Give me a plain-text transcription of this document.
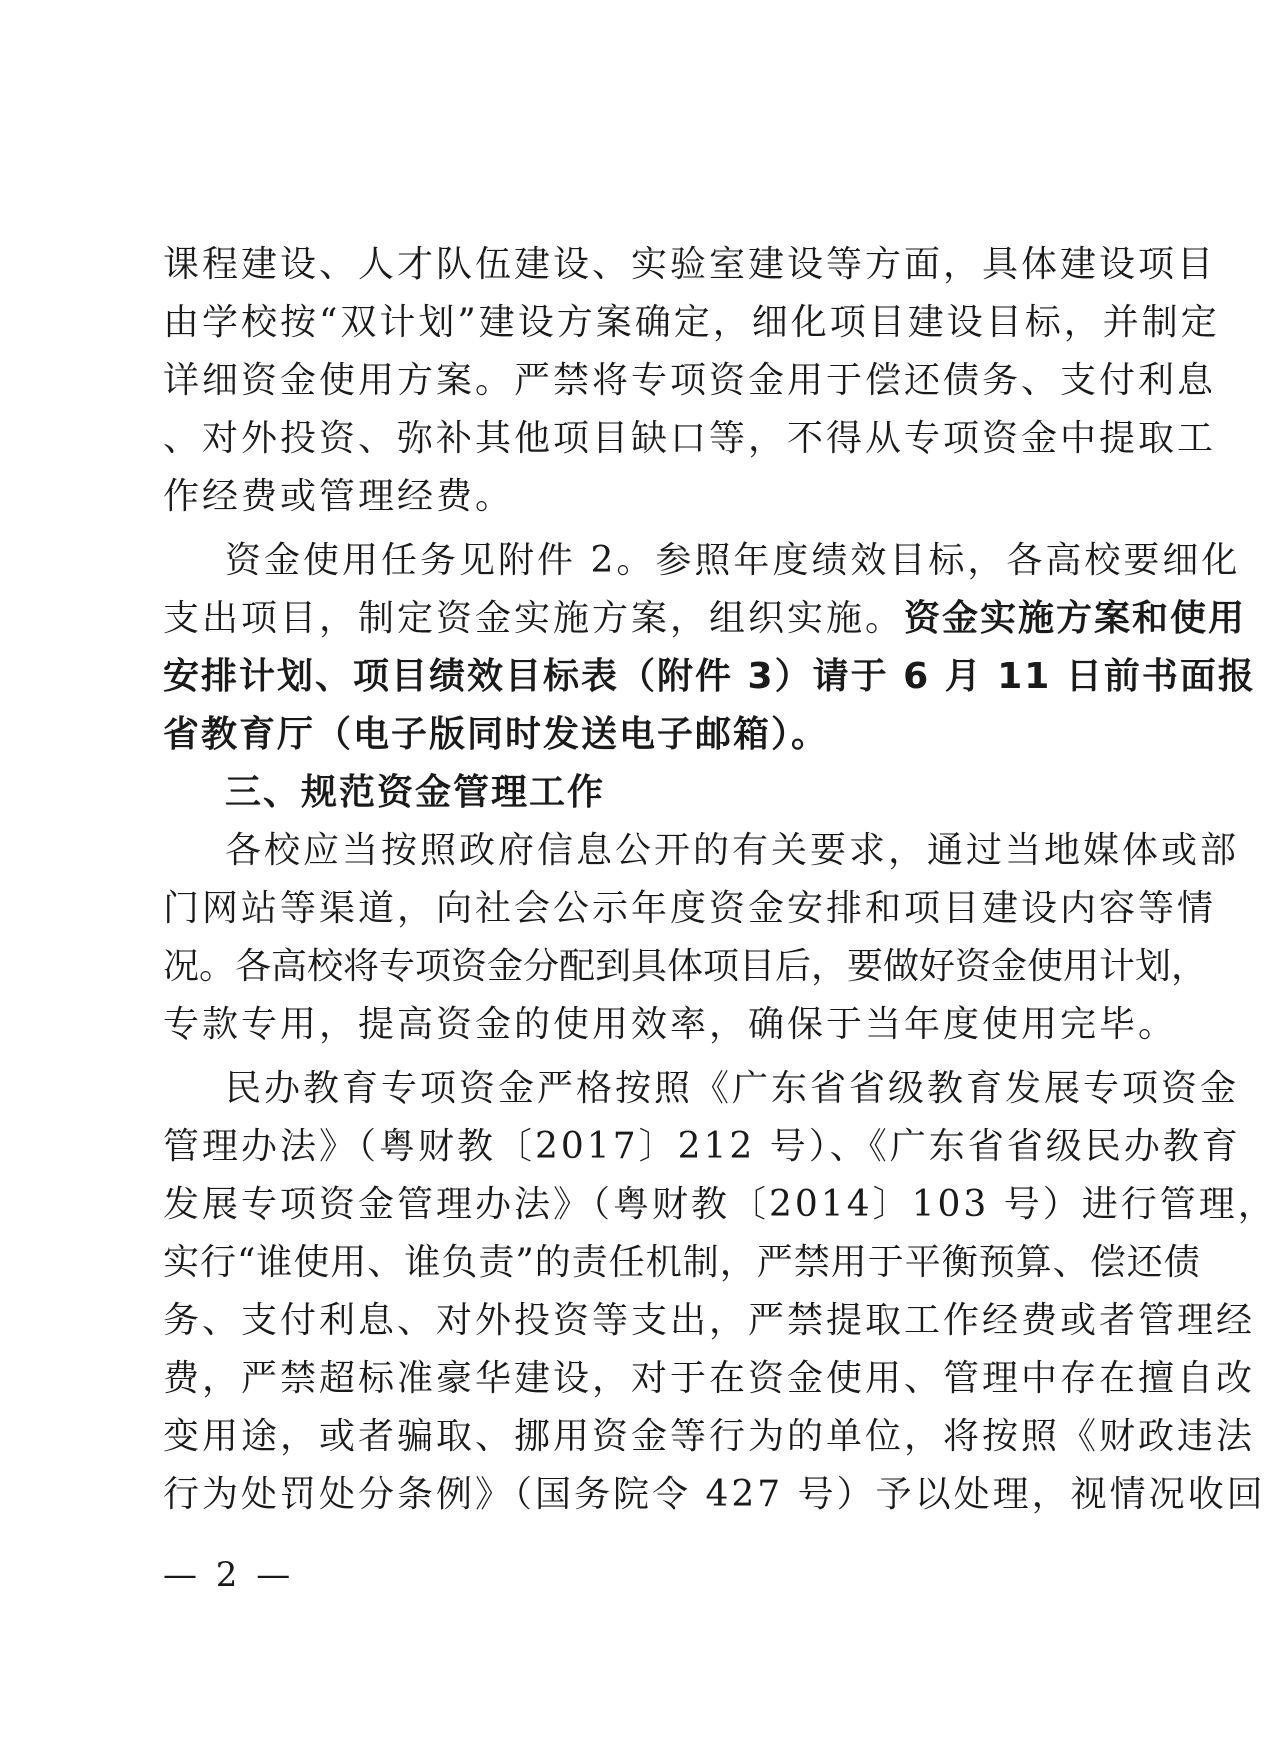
课程建设、人才队伍建设、实验室建设等方面，具体建设项目
由学校按“双计划”建设方案确定，细化项目建设目标，并制定
详细资金使用方案。严禁将专项资金用于偿还债务、支付利息
、对外投资、弥补其他项目缺口等，不得从专项资金中提取工
作经费或管理经费。
资金使用任务见附件 2。参照年度绩效目标，各高校要细化
支出项目，制定资金实施方案，组织实施。资金实施方案和使用
安排计划、项目绩效目标表（附件 3）请于 6 月 11 日前书面报
省教育厅（电子版同时发送电子邮箱）。
三、规范资金管理工作
各校应当按照政府信息公开的有关要求，通过当地媒体或部
门网站等渠道，向社会公示年度资金安排和项目建设内容等情
况。各高校将专项资金分配到具体项目后，要做好资金使用计划，
专款专用，提高资金的使用效率，确保于当年度使用完毕。
民办教育专项资金严格按照《广东省省级教育发展专项资金
管理办法》（粤财教〔2017〕212 号）、《广东省省级民办教育
发展专项资金管理办法》（粤财教〔2014〕103 号）进行管理，
实行“谁使用、谁负责”的责任机制，严禁用于平衡预算、偿还债
务、支付利息、对外投资等支出，严禁提取工作经费或者管理经
费，严禁超标准豪华建设，对于在资金使用、管理中存在擅自改
变用途，或者骗取、挪用资金等行为的单位，将按照《财政违法
行为处罚处分条例》（国务院令 427 号）予以处理，视情况收回
— 2 —
